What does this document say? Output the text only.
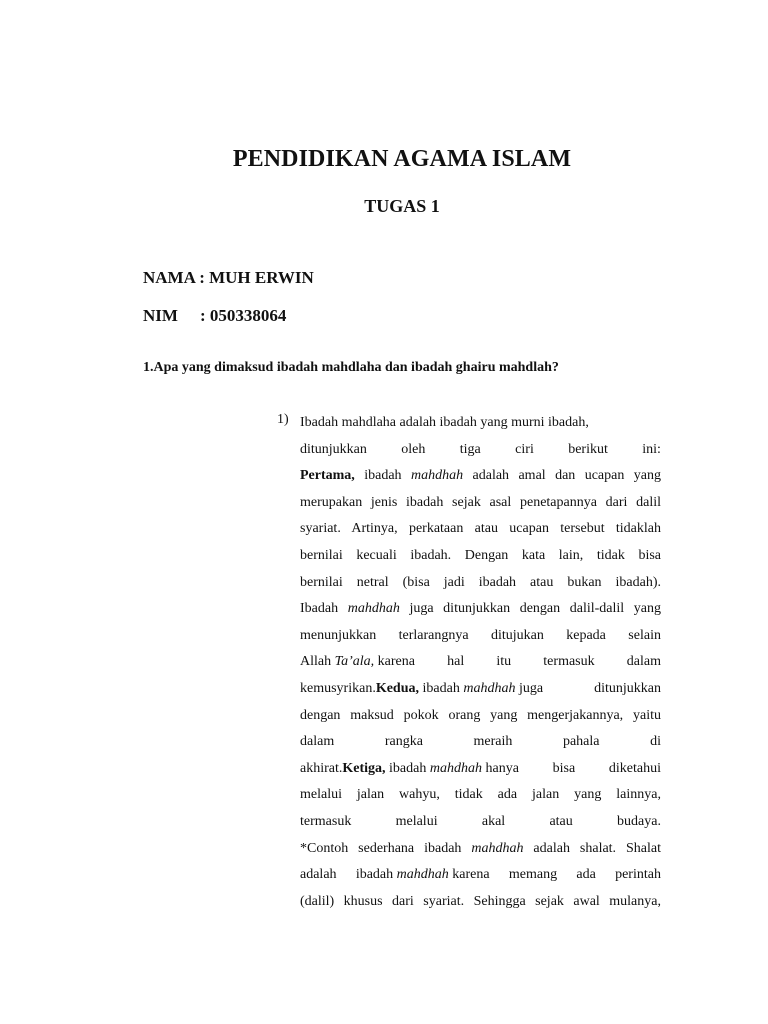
PENDIDIKAN AGAMA ISLAM
TUGAS 1
NAMA : MUH ERWIN
NIM : 050338064
1.Apa yang dimaksud ibadah mahdlaha dan ibadah ghairu mahdlah?
1) Ibadah mahdlaha adalah ibadah yang murni ibadah,
ditunjukkan oleh tiga ciri berikut ini:
Pertama, ibadah mahdhah adalah amal dan ucapan yang
merupakan jenis ibadah sejak asal penetapannya dari dalil
syariat. Artinya, perkataan atau ucapan tersebut tidaklah
bernilai kecuali ibadah. Dengan kata lain, tidak bisa
bernilai netral (bisa jadi ibadah atau bukan ibadah).
Ibadah mahdhah juga ditunjukkan dengan dalil-dalil yang
menunjukkan terlarangnya ditujukan kepada selain
Allah Ta’ala, karena hal itu termasuk dalam
kemusyrikan.Kedua, ibadah mahdhah juga	ditunjukkan
dengan maksud pokok orang yang mengerjakannya, yaitu
dalam	rangka	meraih	pahala	di
akhirat.Ketiga, ibadah mahdhah hanya bisa diketahui
melalui jalan wahyu, tidak ada jalan yang lainnya,
termasuk	melalui	akal	atau	budaya.
*Contoh sederhana ibadah mahdhah adalah shalat. Shalat
adalah ibadah mahdhah karena memang ada perintah
(dalil) khusus dari syariat. Sehingga sejak awal mulanya,
